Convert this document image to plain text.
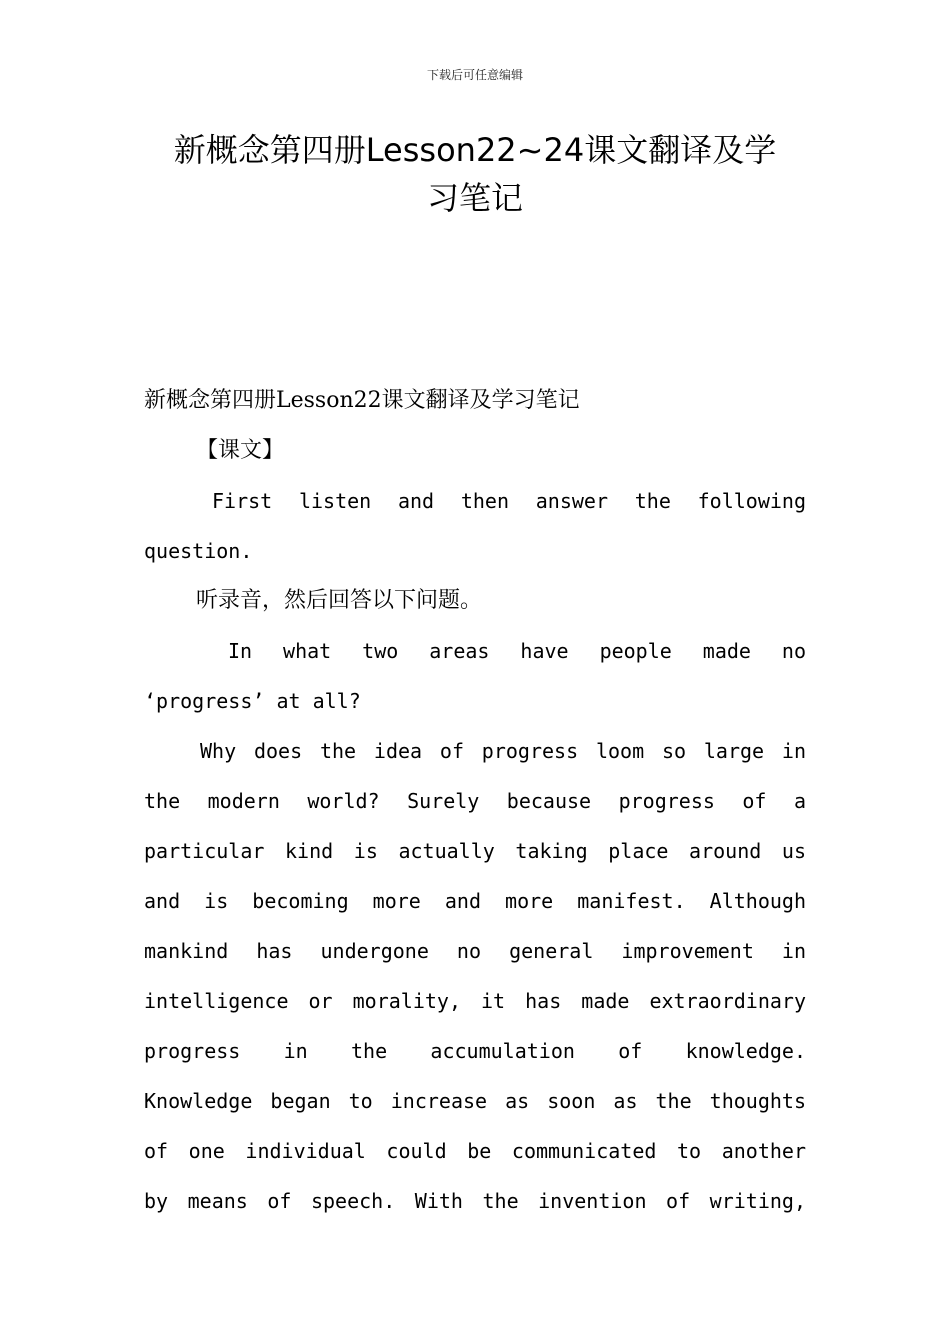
下载后可任意编辑
新概念第四册Lesson22~24课文翻译及学
习笔记

新概念第四册Lesson22课文翻译及学习笔记

【课文】

First listen and then answer the following

question.

听录音，然后回答以下问题。

In what two areas have people made no

‘progress’ at all?

Why does the idea of progress loom so large in

the modern world? Surely because progress of a

particular kind is actually taking place around us

and is becoming more and more manifest. Although

mankind has undergone no general improvement in

intelligence or morality, it has made extraordinary

progress in the accumulation of knowledge.

Knowledge began to increase as soon as the thoughts

of one individual could be communicated to another

by means of speech. With the invention of writing,
